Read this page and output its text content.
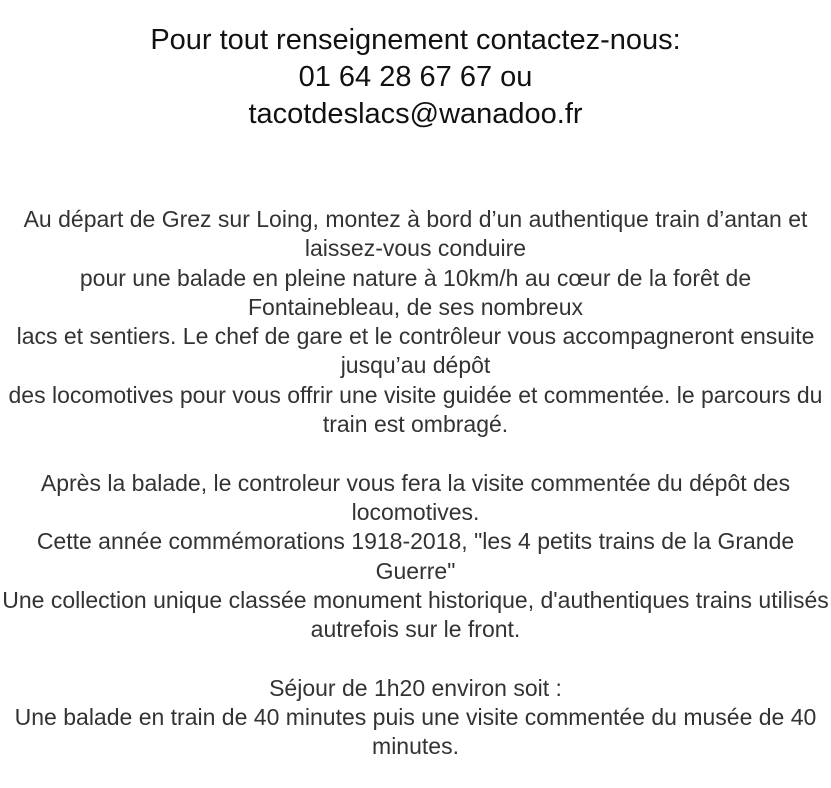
Pour tout renseignement contactez-nous:
01 64 28 67 67 ou
tacotdeslacs@wanadoo.fr

Au départ de Grez sur Loing, montez à bord d’un authentique train d’antan et laissez-vous conduire

pour une balade en pleine nature à 10km/h au cœur de la forêt de Fontainebleau, de ses nombreux

lacs et sentiers. Le chef de gare et le contrôleur vous accompagneront ensuite jusqu’au dépôt

des locomotives pour vous offrir une visite guidée et commentée. le parcours du train est ombragé.

Après la balade, le controleur vous fera la visite commentée du dépôt des locomotives.

Cette année commémorations 1918-2018, "les 4 petits trains de la Grande Guerre"

Une collection unique classée monument historique, d'authentiques trains utilisés autrefois sur le front.

Séjour de 1h20 environ soit :

Une balade en train de 40 minutes puis une visite commentée du musée de 40 minutes.
